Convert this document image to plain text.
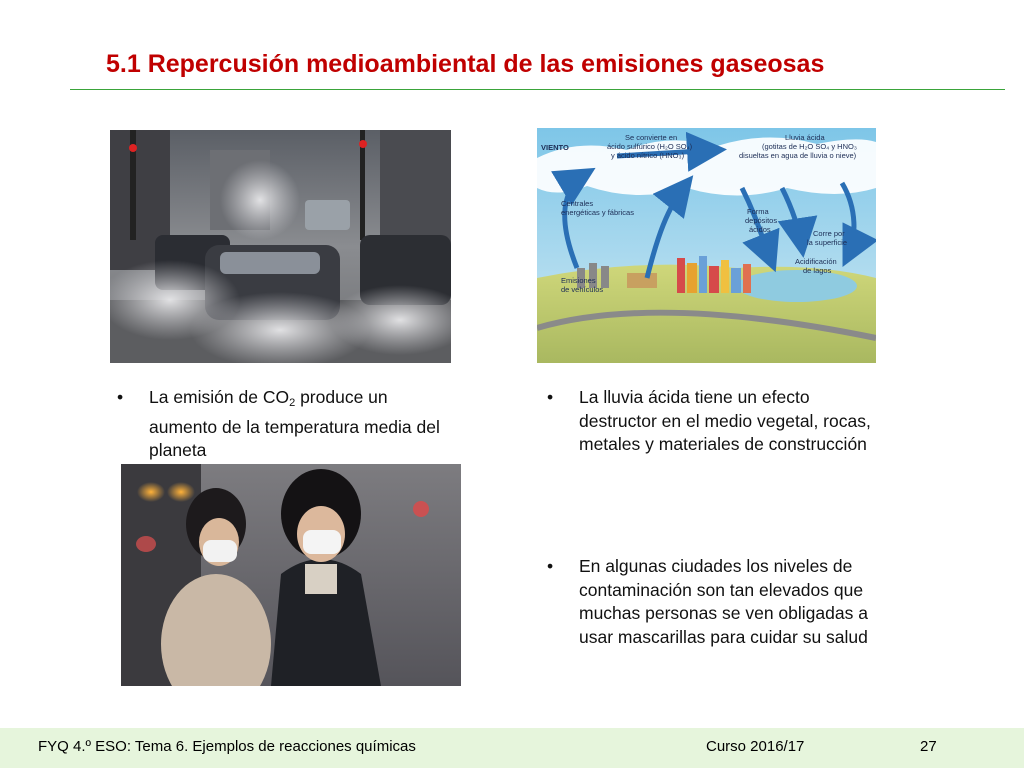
5.1 Repercusión medioambiental de las emisiones gaseosas
VIENTO
Se convierte en
ácido sulfúrico (H₂O SO₄)
y ácido nítrico (HNO₃)
Lluvia ácida
(gotitas de H₂O SO₄ y HNO₃
disueltas en agua de lluvia o nieve)
Centrales
energéticas y fábricas	Forma
depósitos
ácidos	Corre por
la superficie
Acidificación
de lagos
Emisiones
de vehículos
• La emisión de $CO_2$ produce un aumento de la temperatura media del planeta
• La lluvia ácida tiene un efecto destructor en el medio vegetal, rocas, metales y materiales de construcción
• En algunas ciudades los niveles de contaminación son tan elevados que muchas personas se ven obligadas a usar mascarillas para cuidar su salud
FYQ 4.º ESO: Tema 6. Ejemplos de reacciones químicas	Curso 2016/17	27
